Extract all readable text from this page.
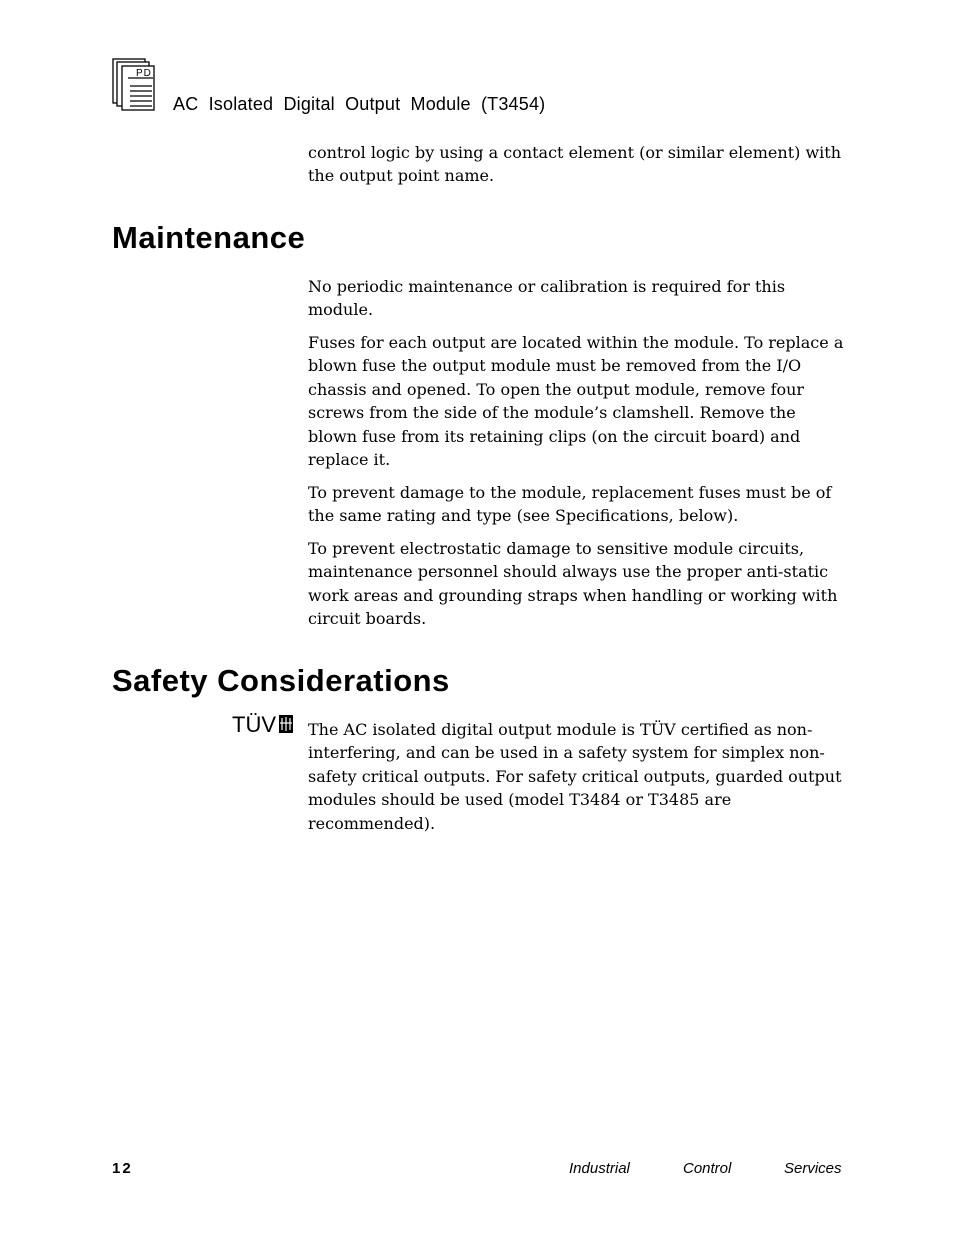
PD
AC Isolated Digital Output Module (T3454)

control logic by using a contact element (or similar element) with the output point name.

Maintenance

No periodic maintenance or calibration is required for this module.

Fuses for each output are located within the module. To replace a blown fuse the output module must be removed from the I/O chassis and opened. To open the output module, remove four screws from the side of the module’s clamshell. Remove the blown fuse from its retaining clips (on the circuit board) and replace it.

To prevent damage to the module, replacement fuses must be of the same rating and type (see Specifications, below).

To prevent electrostatic damage to sensitive module circuits, maintenance personnel should always use the proper anti-static work areas and grounding straps when handling or working with circuit boards.

Safety Considerations
TÜV The AC isolated digital output module is TÜV certified as non-interfering, and can be used in a safety system for simplex non-safety critical outputs. For safety critical outputs, guarded output modules should be used (model T3484 or T3485 are recommended).

12	Industrial	Control	Services
